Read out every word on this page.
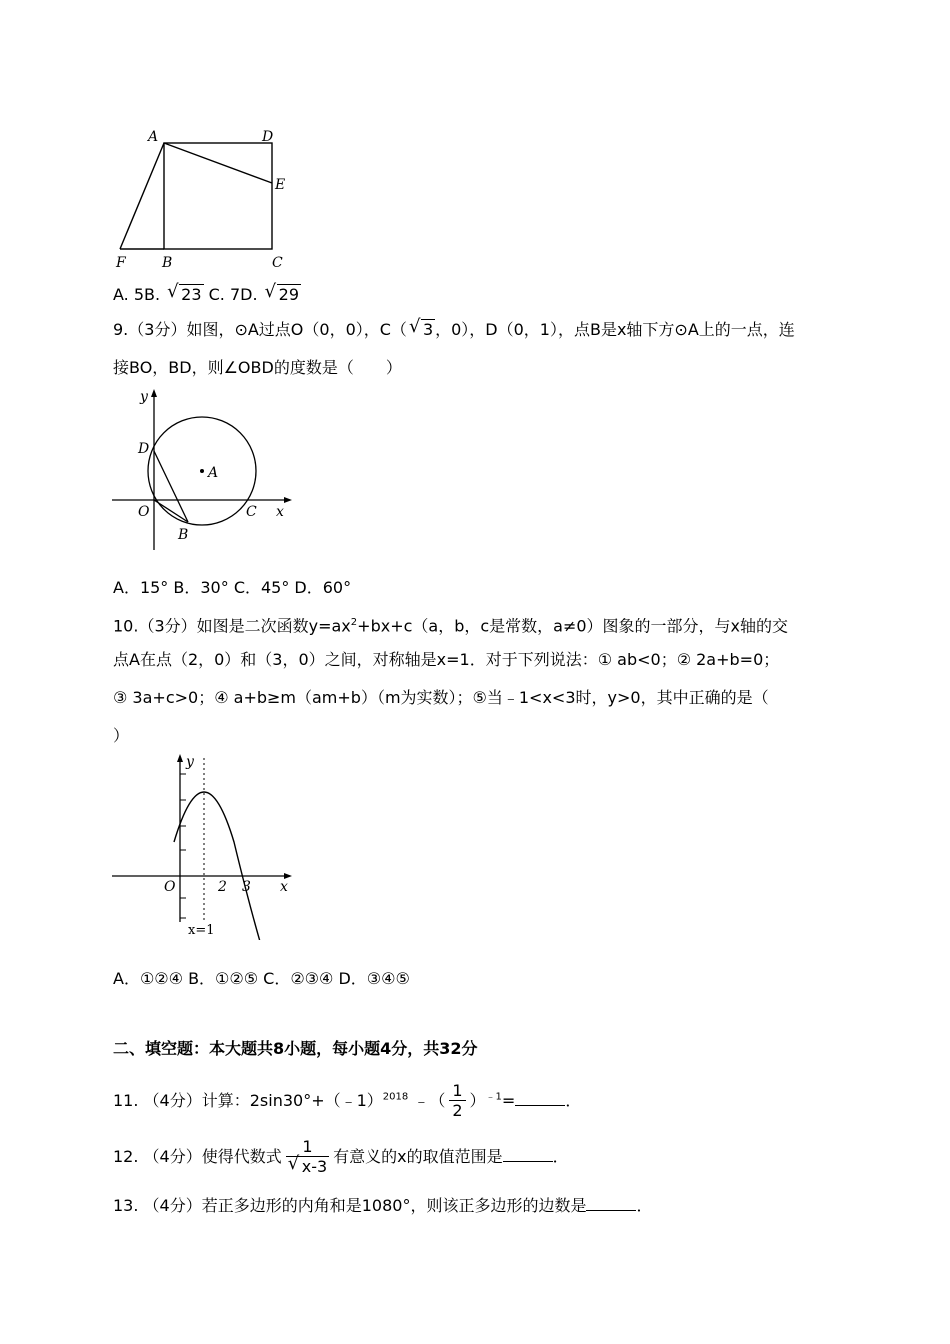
A	D
E
F	B	C
A. 5B. √ 23 C. 7D. √ 29
9.（3分）如图，⊙A过点O（0，0），C（ √ 3 ，0），D（0，1），点B是x轴下方⊙A上的一点，连
接BO，BD，则∠OBD的度数是（　　）
y
D
A
O	C x
B
A．15° B．30° C．45° D．60°
10.（3分）如图是二次函数$y=ax^2+bx+c(a$，b，c是常数，a≠0）图象的一部分，与x轴的交
点A在点（2，0）和（3，0）之间，对称轴是x=1．对于下列说法：① ab<0；② 2a+b=0；
③ 3a+c>0；④ a+b≥m（am+b）（m为实数）；⑤当﹣1<x<3时，y>0，其中正确的是（
）
y
O	2 3 x
x=1
A．①②④ B．①②⑤ C．②③④ D．③④⑤
二、填空题：本大题共8小题，每小题4分，共32分
11. （4分）计算：2sin30°+（﹣1）$^{2018}$ ﹣（ $\frac{1}{2} )^{﹣1}=$	．
12. （4分）使得代数式 $\frac{1}{√ x-3}$ 有意义的x的取值范围是	．
13. （4分）若正多边形的内角和是1080°，则该正多边形的边数是	．
